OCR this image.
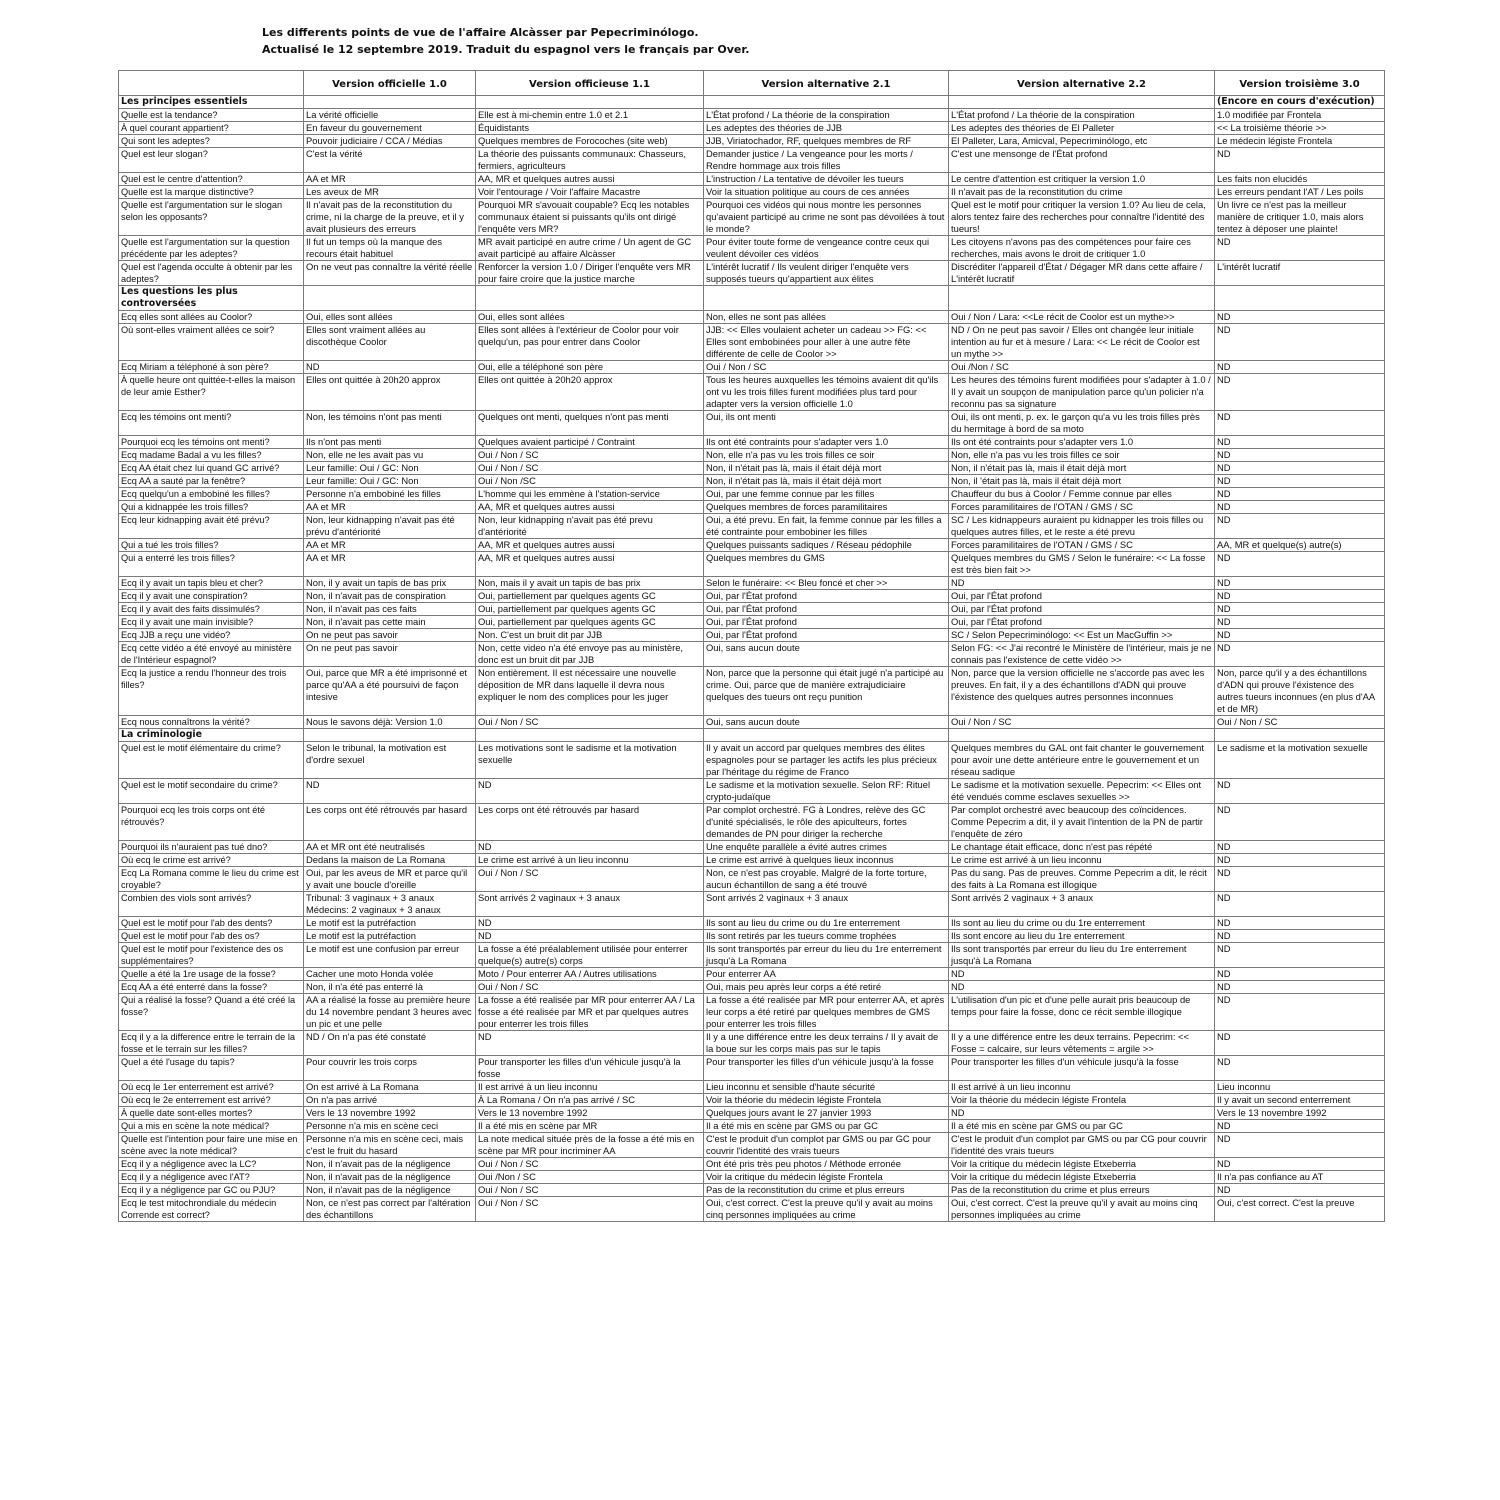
Les differents points de vue de l'affaire Alcàsser par Pepecriminólogo.
Actualisé le 12 septembre 2019. Traduit du espagnol vers le français par Over.
	Version officielle 1.0	Version officieuse 1.1	Version alternative 2.1	Version alternative 2.2	Version troisième 3.0
Les principes essentiels					(Encore en cours d'exécution)
Quelle est la tendance?	La vérité officielle	Elle est à mi-chemin entre 1.0 et 2.1	L'État profond / La théorie de la conspiration	L'État profond / La théorie de la conspiration	1.0 modifiée par Frontela
À quel courant appartient?	En faveur du gouvernement	Équidistants	Les adeptes des théories de JJB	Les adeptes des théories de El Palleter	<< La troisième théorie >>
Qui sont les adeptes?	Pouvoir judiciaire / CCA / Médias	Quelques membres de Forocoches (site web)	JJB, Viriatochador, RF, quelques membres de RF	El Palleter, Lara, Amicval, Pepecriminólogo, etc	Le médecin légiste Frontela
Quel est leur slogan?	C'est la vérité	La théorie des puissants communaux: Chasseurs, fermiers, agriculteurs	Demander justice / La vengeance pour les morts / Rendre hommage aux trois filles	C'est une mensonge de l'État profond	ND
Quel est le centre d'attention?	AA et MR	AA, MR et quelques autres aussi	L'instruction / La tentative de dévoiler les tueurs	Le centre d'attention est critiquer la version 1.0	Les faits non elucidés
Quelle est la marque distinctive?	Les aveux de MR	Voir l'entourage / Voir l'affaire Macastre	Voir la situation politique au cours de ces années	Il n'avait pas de la reconstitution du crime	Les erreurs pendant l'AT / Les poils
Quelle est l'argumentation sur le slogan selon les opposants?	Il n'avait pas de la reconstitution du crime, ni la charge de la preuve, et il y avait plusieurs des erreurs	Pourquoi MR s'avouait coupable? Ecq les notables communaux étaient si puissants qu'ils ont dirigé l'enquête vers MR?	Pourquoi ces vidéos qui nous montre les personnes qu'avaient participé au crime ne sont pas dévoilées à tout le monde?	Quel est le motif pour critiquer la version 1.0? Au lieu de cela, alors tentez faire des recherches pour connaître l'identité des tueurs!	Un livre ce n'est pas la meilleur manière de critiquer 1.0, mais alors tentez à déposer une plainte!
Quelle est l'argumentation sur la question précédente par les adeptes?	Il fut un temps où la manque des recours était habituel	MR avait participé en autre crime / Un agent de GC avait participé au affaire Alcàsser	Pour éviter toute forme de vengeance contre ceux qui veulent dévoiler ces vidéos	Les citoyens n'avons pas des compétences pour faire ces recherches, mais avons le droit de critiquer 1.0	ND
Quel est l'agenda occulte à obtenir par les adeptes?	On ne veut pas connaître la vérité réelle	Renforcer la version 1.0 / Diriger l'enquête vers MR pour faire croire que la justice marche	L'intérêt lucratif / Ils veulent diriger l'enquête vers supposés tueurs qu'appartient aux élites	Discréditer l'appareil d'État / Dégager MR dans cette affaire / L'intérêt lucratif	L'intérêt lucratif
Les questions les plus controversées					
Ecq elles sont allées au Coolor?	Oui, elles sont allées	Oui, elles sont allées	Non, elles ne sont pas allées	Oui / Non / Lara: <<Le récit de Coolor est un mythe>>	ND
Où sont-elles vraiment allées ce soir?	Elles sont vraiment allées au discothèque Coolor	Elles sont allées à l'extérieur de Coolor pour voir quelqu'un, pas pour entrer dans Coolor	JJB: << Elles voulaient acheter un cadeau >> FG: << Elles sont embobinées pour aller à une autre fête différente de celle de Coolor >>	ND / On ne peut pas savoir / Elles ont changée leur initiale intention au fur et à mesure / Lara: << Le récit de Coolor est un mythe >>	ND
Ecq Miriam a téléphoné à son père?	ND	Oui, elle a téléphoné son père	Oui / Non / SC	Oui /Non / SC	ND
À quelle heure ont quittée-t-elles la maison de leur amie Esther?	Elles ont quittée à 20h20 approx	Elles ont quittée à 20h20 approx	Tous les heures auxquelles les témoins avaient dit qu'ils ont vu les trois filles furent modifiées plus tard pour adapter vers la version officielle 1.0	Les heures des témoins furent modifiées pour s'adapter à 1.0 / Il y avait un soupçon de manipulation parce qu'un policier n'a reconnu pas sa signature	ND
Ecq les témoins ont menti?	Non, les témoins n'ont pas menti	Quelques ont menti, quelques n'ont pas menti	Oui, ils ont menti	Oui, ils ont menti, p. ex. le garçon qu'a vu les trois filles près du hermitage à bord de sa moto	ND
Pourquoi ecq les témoins ont menti?	Ils n'ont pas menti	Quelques avaient participé / Contraint	Ils ont été contraints pour s'adapter vers 1.0	Ils ont été contraints pour s'adapter vers 1.0	ND
Ecq madame Badal a vu les filles?	Non, elle ne les avait pas vu	Oui / Non / SC	Non, elle n'a pas vu les trois filles ce soir	Non, elle n'a pas vu les trois filles ce soir	ND
Ecq AA était chez lui quand GC arrivé?	Leur famille: Oui / GC: Non	Oui / Non / SC	Non, il n'était pas là, mais il était déjà mort	Non, il n'était pas là, mais il était déjà mort	ND
Ecq AA a sauté par la fenêtre?	Leur famille: Oui / GC: Non	Oui / Non /SC	Non, il n'était pas là, mais il était déjà mort	Non, il 'était pas là, mais il était déjà mort	ND
Ecq quelqu'un a embobiné les filles?	Personne n'a embobiné les filles	L'homme qui les emmène à l'station-service	Oui, par une femme connue par les filles	Chauffeur du bus à Coolor / Femme connue par elles	ND
Qui a kidnappée les trois filles?	AA et MR	AA, MR et quelques autres aussi	Quelques membres de forces paramilitaires	Forces paramilitaires de l'OTAN / GMS / SC	ND
Ecq leur kidnapping avait été prévu?	Non, leur kidnapping n'avait pas été prévu d'antériorité	Non, leur kidnapping n'avait pas été prevu d'antériorité	Oui, a été prevu. En fait, la femme connue par les filles a été contrainte pour embobiner les filles	SC / Les kidnappeurs auraient pu kidnapper les trois filles ou quelques autres filles, et le reste a été prevu	ND
Qui a tué les trois filles?	AA et MR	AA, MR et quelques autres aussi	Quelques puissants sadiques / Réseau pédophile	Forces paramilitaires de l'OTAN / GMS / SC	AA, MR et quelque(s) autre(s)
Qui a enterré les trois filles?	AA et MR	AA, MR et quelques autres aussi	Quelques membres du GMS	Quelques membres du GMS / Selon le funéraire: << La fosse est très bien fait >>	ND
Ecq il y avait un tapis bleu et cher?	Non, il y avait un tapis de bas prix	Non, mais il y avait un tapis de bas prix	Selon le funéraire: << Bleu foncé et cher >>	ND	ND
Ecq il y avait une conspiration?	Non, il n'avait pas de conspiration	Oui, partiellement par quelques agents GC	Oui, par l'État profond	Oui, par l'État profond	ND
Ecq il y avait des faits dissimulés?	Non, il n'avait pas ces faits	Oui, partiellement par quelques agents GC	Oui, par l'État profond	Oui, par l'État profond	ND
Ecq il y avait une main invisible?	Non, il n'avait pas cette main	Oui, partiellement par quelques agents GC	Oui, par l'État profond	Oui, par l'État profond	ND
Ecq JJB a reçu une vidéo?	On ne peut pas savoir	Non. C'est un bruit dit par JJB	Oui, par l'État profond	SC / Selon Pepecriminólogo: << Est un MacGuffin >>	ND
Ecq cette vidéo a été envoyé au ministère de l'Intérieur espagnol?	On ne peut pas savoir	Non, cette video n'a été envoye pas au ministère, donc est un bruit dit par JJB	Oui, sans aucun doute	Selon FG: << J'ai recontré le Ministère de l'intérieur, mais je ne connais pas l'existence de cette vidéo >>	ND
Ecq la justice a rendu l'honneur des trois filles?	Oui, parce que MR a été imprisonné et parce qu'AA a été poursuivi de façon intesive	Non entièrement. Il est nécessaire une nouvelle déposition de MR dans laquelle il devra nous expliquer le nom des complices pour les juger	Non, parce que la personne qui était jugé n'a participé au crime. Oui, parce que de manière extrajudiciaire quelques des tueurs ont reçu punition	Non, parce que la version officielle ne s'accorde pas avec les preuves. En fait, il y a des échantillons d'ADN qui prouve l'éxistence des quelques autres personnes inconnues	Non, parce qu'il y a des échantillons d'ADN qui prouve l'éxistence des autres tueurs inconnues (en plus d'AA et de MR)
Ecq nous connaîtrons la vérité?	Nous le savons déjà: Version 1.0	Oui / Non / SC	Oui, sans aucun doute	Oui / Non / SC	Oui / Non / SC
La criminologie					
Quel est le motif élémentaire du crime?	Selon le tribunal, la motivation est d'ordre sexuel	Les motivations sont le sadisme et la motivation sexuelle	Il y avait un accord par quelques membres des élites espagnoles pour se partager les actifs les plus précieux par l'héritage du régime de Franco	Quelques membres du GAL ont fait chanter le gouvernement pour avoir une dette antérieure entre le gouvernement et un réseau sadique	Le sadisme et la motivation sexuelle
Quel est le motif secondaire du crime?	ND	ND	Le sadisme et la motivation sexuelle. Selon RF: Rituel crypto-judaïque	Le sadisme et la motivation sexuelle. Pepecrim: << Elles ont été vendués comme esclaves sexuelles >>	ND
Pourquoi ecq les trois corps ont été rétrouvés?	Les corps ont été rétrouvés par hasard	Les corps ont été rétrouvés par hasard	Par complot orchestré. FG à Londres, relève des GC d'unité spécialisés, le rôle des apiculteurs, fortes demandes de PN pour diriger la recherche	Par complot orchestré avec beaucoup des coïncidences. Comme Pepecrim a dit, il y avait l'intention de la PN de partir l'enquête de zéro	ND
Pourquoi ils n'auraient pas tué dno?	AA et MR ont été neutralisés	ND	Une enquête parallèle a évité autres crimes	Le chantage était efficace, donc n'est pas répété	ND
Où ecq le crime est arrivé?	Dedans la maison de La Romana	Le crime est arrivé à un lieu inconnu	Le crime est arrivé à quelques lieux inconnus	Le crime est arrivé à un lieu inconnu	ND
Ecq La Romana comme le lieu du crime est croyable?	Oui, par les aveus de MR et parce qu'il y avait une boucle d'oreille	Oui / Non / SC	Non, ce n'est pas croyable. Malgré de la forte torture, aucun échantillon de sang a été trouvé	Pas du sang. Pas de preuves. Comme Pepecrim a dit, le récit des faits à La Romana est illogique	ND
Combien des viols sont arrivés?	Tribunal: 3 vaginaux + 3 anaux Médecins: 2 vaginaux + 3 anaux	Sont arrivés 2 vaginaux + 3 anaux	Sont arrivés 2 vaginaux + 3 anaux	Sont arrivés 2 vaginaux + 3 anaux	ND
Quel est le motif pour l'ab des dents?	Le motif est la putréfaction	ND	Ils sont au lieu du crime ou du 1re enterrement	Ils sont au lieu du crime ou du 1re enterrement	ND
Quel est le motif pour l'ab des os?	Le motif est la putréfaction	ND	Ils sont retirés par les tueurs comme trophées	Ils sont encore au lieu du 1re enterrement	ND
Quel est le motif pour l'existence des os supplémentaires?	Le motif est une confusion par erreur	La fosse a été préalablement utilisée pour enterrer quelque(s) autre(s) corps	Ils sont transportés par erreur du lieu du 1re enterrement jusqu'à La Romana	Ils sont transportés par erreur du lieu du 1re enterrement jusqu'à La Romana	ND
Quelle a été la 1re usage de la fosse?	Cacher une moto Honda volée	Moto / Pour enterrer AA / Autres utilisations	Pour enterrer AA	ND	ND
Ecq AA a été enterré dans la fosse?	Non, il n'a été pas enterré là	Oui / Non / SC	Oui, mais peu après leur corps a été retiré	ND	ND
Qui a réalisé la fosse? Quand a été créé la fosse?	AA a réalisé la fosse au première heure du 14 novembre pendant 3 heures avec un pic et une pelle	La fosse a été realisée par MR pour enterrer AA / La fosse a été realisée par MR et par quelques autres pour enterrer les trois filles	La fosse a été realisée par MR pour enterrer AA, et après leur corps a été retiré par quelques membres de GMS pour enterrer les trois filles	L'utilisation d'un pic et d'une pelle aurait pris beaucoup de temps pour faire la fosse, donc ce récit semble illogique	ND
Ecq il y a la difference entre le terrain de la fosse et le terrain sur les filles?	ND / On n'a pas été constaté	ND	Il y a une différence entre les deux terrains / Il y avait de la boue sur les corps mais pas sur le tapis	Il y a une différence entre les deux terrains. Pepecrim: << Fosse = calcaire, sur leurs vêtements = argile >>	ND
Quel a été l'usage du tapis?	Pour couvrir les trois corps	Pour transporter les filles d'un véhicule jusqu'à la fosse	Pour transporter les filles d'un véhicule jusqu'à la fosse	Pour transporter les filles d'un véhicule jusqu'à la fosse	ND
Où ecq le 1er enterrement est arrivé?	On est arrivé à La Romana	Il est arrivé à un lieu inconnu	Lieu inconnu et sensible d'haute sécurité	Il est arrivé à un lieu inconnu	Lieu inconnu
Où ecq le 2e enterrement est arrivé?	On n'a pas arrivé	À La Romana / On n'a pas arrivé / SC	Voir la théorie du médecin légiste Frontela	Voir la théorie du médecin légiste Frontela	Il y avait un second enterrement
À quelle date sont-elles mortes?	Vers le 13 novembre 1992	Vers le 13 novembre 1992	Quelques jours avant le 27 janvier 1993	ND	Vers le 13 novembre 1992
Qui a mis en scène la note médical?	Personne n'a mis en scène ceci	Il a été mis en scène par MR	Il a été mis en scène par GMS ou par GC	Il a été mis en scène par GMS ou par GC	ND
Quelle est l'intention pour faire une mise en scène avec la note médical?	Personne n'a mis en scène ceci, mais c'est le fruit du hasard	La note medical située près de la fosse a été mis en scène par MR pour incriminer AA	C'est le produit d'un complot par GMS ou par GC pour couvrir l'identité des vrais tueurs	C'est le produit d'un complot par GMS ou par CG pour couvrir l'identité des vrais tueurs	ND
Ecq il y a négligence avec la LC?	Non, il n'avait pas de la négligence	Oui / Non / SC	Ont été pris très peu photos / Méthode erronée	Voir la critique du médecin légiste Etxeberria	ND
Ecq il y a négligence avec l'AT?	Non, il n'avait pas de la négligence	Oui /Non / SC	Voir la critique du médecin légiste Frontela	Voir la critique du médecin légiste Etxeberria	Il n'a pas confiance au AT
Ecq il y a négligence par GC ou PJU?	Non, il n'avait pas de la négligence	Oui / Non / SC	Pas de la reconstitution du crime et plus erreurs	Pas de la reconstitution du crime et plus erreurs	ND
Ecq le test mitochrondiale du médecin Corrende est correct?	Non, ce n'est pas correct par l'altération des échantillons	Oui / Non / SC	Oui, c'est correct. C'est la preuve qu'il y avait au moins cinq personnes impliquées au crime	Oui, c'est correct. C'est la preuve qu'il y avait au moins cinq personnes impliquées au crime	Oui, c'est correct. C'est la preuve
